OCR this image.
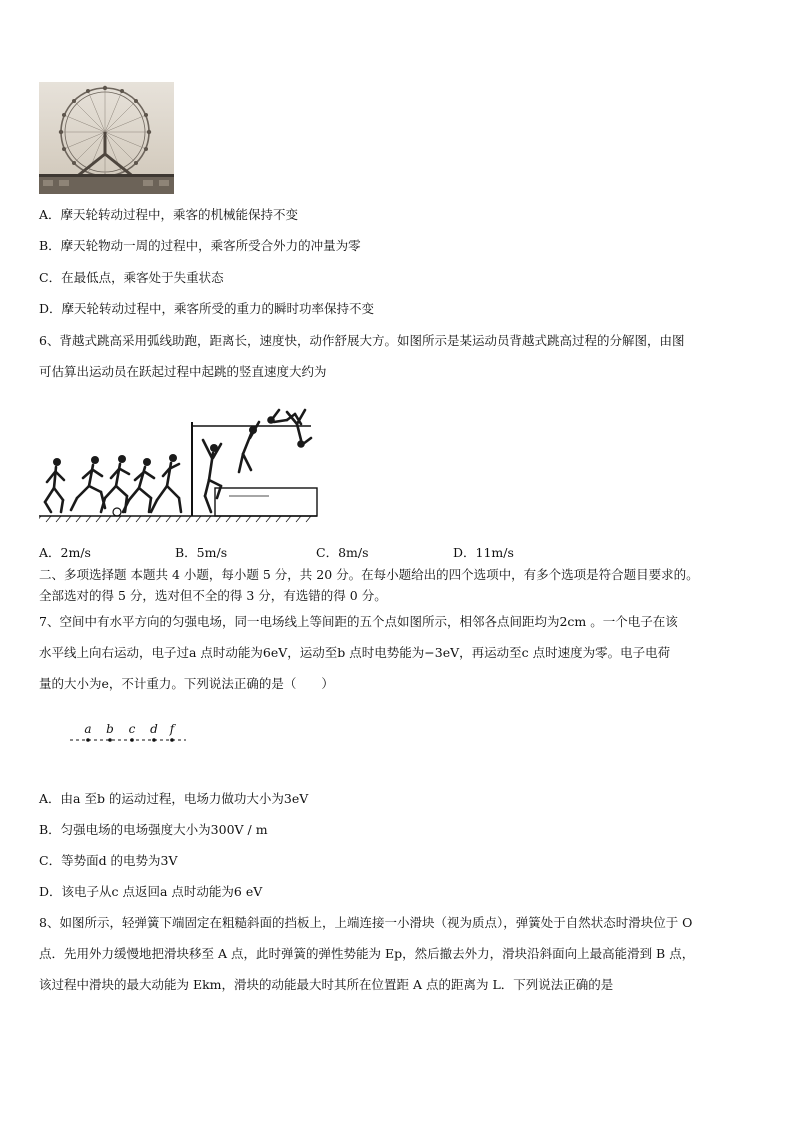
A．摩天轮转动过程中，乘客的机械能保持不变
B．摩天轮物动一周的过程中，乘客所受合外力的冲量为零
C．在最低点，乘客处于失重状态
D．摩天轮转动过程中，乘客所受的重力的瞬时功率保持不变
6、背越式跳高采用弧线助跑，距离长，速度快，动作舒展大方。如图所示是某运动员背越式跳高过程的分解图，由图
可估算出运动员在跃起过程中起跳的竖直速度大约为
A．2m/s	B．5m/s	C．8m/s	D．11m/s
二、多项选择题 本题共 4 小题，每小题 5 分，共 20 分。在每小题给出的四个选项中，有多个选项是符合题目要求的。
全部选对的得 5 分，选对但不全的得 3 分，有选错的得 0 分。
7、空间中有水平方向的匀强电场，同一电场线上等间距的五个点如图所示，相邻各点间距均为2cm 。一个电子在该
水平线上向右运动，电子过a 点时动能为6eV，运动至b 点时电势能为−3eV，再运动至c 点时速度为零。电子电荷
量的大小为e，不计重力。下列说法正确的是（　　）
a b c d f
A．由a 至b 的运动过程，电场力做功大小为3eV
B．匀强电场的电场强度大小为300V / m
C．等势面d 的电势为3V
D．该电子从c 点返回a 点时动能为6 eV
8、如图所示，轻弹簧下端固定在粗糙斜面的挡板上，上端连接一小滑块（视为质点），弹簧处于自然状态时滑块位于 O
点．先用外力缓慢地把滑块移至 A 点，此时弹簧的弹性势能为 Ep，然后撤去外力，滑块沿斜面向上最高能滑到 B 点，
该过程中滑块的最大动能为 Ekm，滑块的动能最大时其所在位置距 A 点的距离为 L．下列说法正确的是
